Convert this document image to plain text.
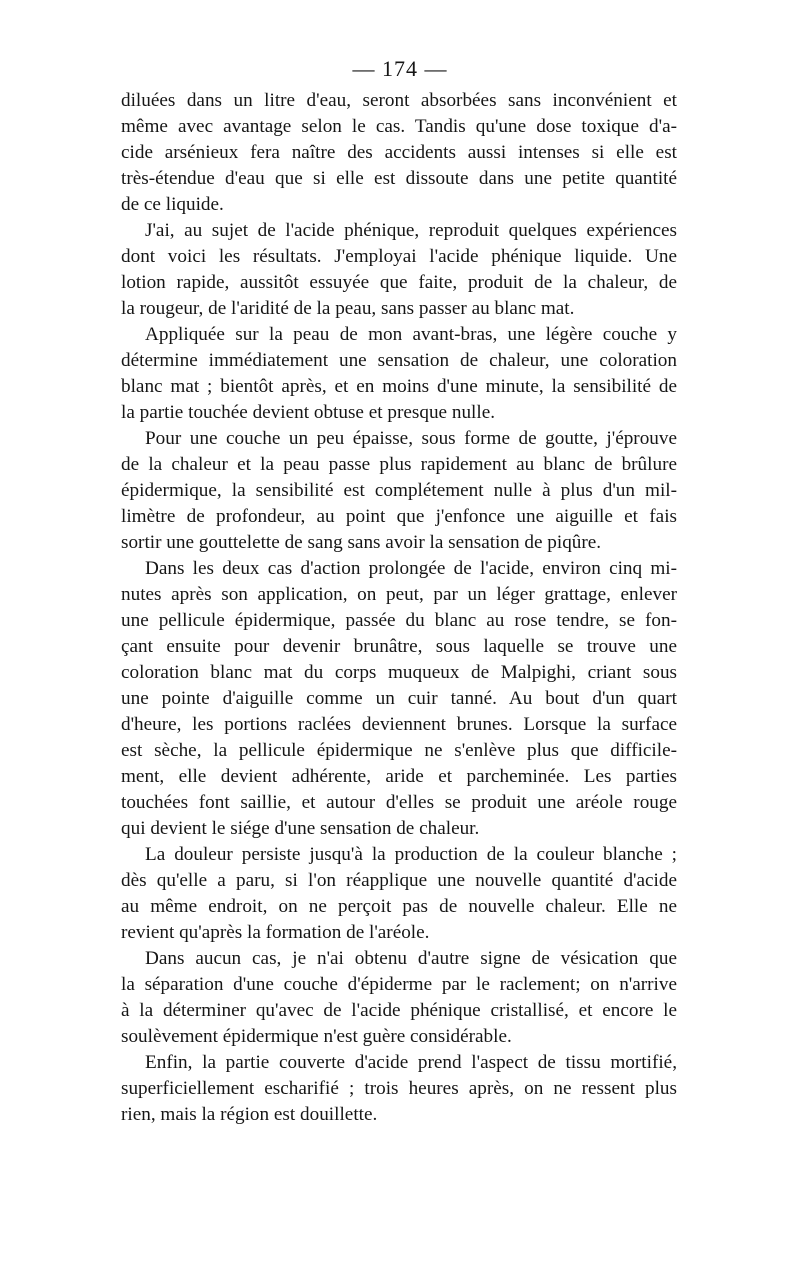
— 174 —
diluées dans un litre d'eau, seront absorbées sans inconvénient et
même avec avantage selon le cas. Tandis qu'une dose toxique d'a-
cide arsénieux fera naître des accidents aussi intenses si elle est
très-étendue d'eau que si elle est dissoute dans une petite quantité
de ce liquide.
J'ai, au sujet de l'acide phénique, reproduit quelques expériences
dont voici les résultats. J'employai l'acide phénique liquide. Une
lotion rapide, aussitôt essuyée que faite, produit de la chaleur, de
la rougeur, de l'aridité de la peau, sans passer au blanc mat.
Appliquée sur la peau de mon avant-bras, une légère couche y
détermine immédiatement une sensation de chaleur, une coloration
blanc mat ; bientôt après, et en moins d'une minute, la sensibilité de
la partie touchée devient obtuse et presque nulle.
Pour une couche un peu épaisse, sous forme de goutte, j'éprouve
de la chaleur et la peau passe plus rapidement au blanc de brûlure
épidermique, la sensibilité est complétement nulle à plus d'un mil-
limètre de profondeur, au point que j'enfonce une aiguille et fais
sortir une gouttelette de sang sans avoir la sensation de piqûre.
Dans les deux cas d'action prolongée de l'acide, environ cinq mi-
nutes après son application, on peut, par un léger grattage, enlever
une pellicule épidermique, passée du blanc au rose tendre, se fon-
çant ensuite pour devenir brunâtre, sous laquelle se trouve une
coloration blanc mat du corps muqueux de Malpighi, criant sous
une pointe d'aiguille comme un cuir tanné. Au bout d'un quart
d'heure, les portions raclées deviennent brunes. Lorsque la surface
est sèche, la pellicule épidermique ne s'enlève plus que difficile-
ment, elle devient adhérente, aride et parcheminée. Les parties
touchées font saillie, et autour d'elles se produit une aréole rouge
qui devient le siége d'une sensation de chaleur.
La douleur persiste jusqu'à la production de la couleur blanche ;
dès qu'elle a paru, si l'on réapplique une nouvelle quantité d'acide
au même endroit, on ne perçoit pas de nouvelle chaleur. Elle ne
revient qu'après la formation de l'aréole.
Dans aucun cas, je n'ai obtenu d'autre signe de vésication que
la séparation d'une couche d'épiderme par le raclement; on n'arrive
à la déterminer qu'avec de l'acide phénique cristallisé, et encore le
soulèvement épidermique n'est guère considérable.
Enfin, la partie couverte d'acide prend l'aspect de tissu mortifié,
superficiellement escharifié ; trois heures après, on ne ressent plus
rien, mais la région est douillette.
